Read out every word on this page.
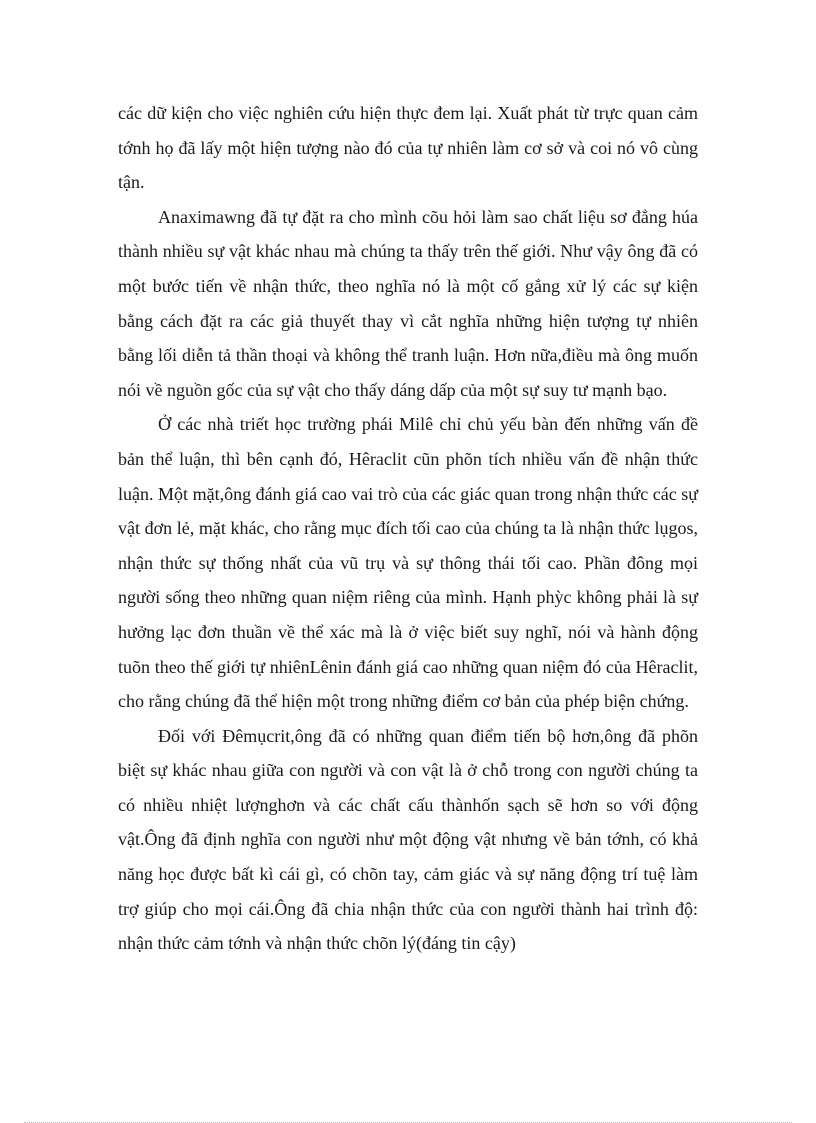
các dữ kiện cho việc nghiên cứu hiện thực đem lại. Xuất phát từ trực quan cảm tớnh họ đã lấy một hiện tượng nào đó của tự nhiên làm cơ sở và coi nó vô cùng tận.

Anaximawng đã tự đặt ra cho mình cõu hỏi làm sao chất liệu sơ đẳng húa thành nhiều sự vật khác nhau mà chúng ta thấy trên thế giới. Như vậy ông đã có một bước tiến về nhận thức, theo nghĩa nó là một cố gắng xử lý các sự kiện bằng cách đặt ra các giả thuyết thay vì cắt nghĩa những hiện tượng tự nhiên bằng lối diễn tả thần thoại và không thể tranh luận. Hơn nữa,điều mà ông muốn nói về nguồn gốc của sự vật cho thấy dáng dấp của một sự suy tư mạnh bạo.

Ở các nhà triết học trường phái Milê chỉ chủ yếu bàn đến những vấn đề bản thể luận, thì bên cạnh đó, Hêraclit cũn phõn tích nhiều vấn đề nhận thức luận. Một mặt,ông đánh giá cao vai trò của các giác quan trong nhận thức các sự vật đơn lẻ, mặt khác, cho rằng mục đích tối cao của chúng ta là nhận thức lụgos, nhận thức sự thống nhất của vũ trụ và sự thông thái tối cao. Phần đông mọi người sống theo những quan niệm riêng của mình. Hạnh phỳc không phải là sự hưởng lạc đơn thuần về thể xác mà là ở việc biết suy nghĩ, nói và hành động tuõn theo thế giới tự nhiênLênin đánh giá cao những quan niệm đó của Hêraclit, cho rằng chúng đã thể hiện một trong những điểm cơ bản của phép biện chứng.

Đối với Đêmụcrit,ông đã có những quan điểm tiến bộ hơn,ông đã phõn biệt sự khác nhau giữa con người và con vật là ở chỗ trong con người chúng ta có nhiều nhiệt lượnghơn và các chất cấu thànhốn sạch sẽ hơn so với động vật.Ông đã định nghĩa con người như một động vật nhưng về bản tớnh, có khả năng học được bất kì cái gì, có chõn tay, cảm giác và sự năng động trí tuệ làm trợ giúp cho mọi cái.Ông đã chia nhận thức của con người thành hai trình độ: nhận thức cảm tớnh và nhận thức chõn lý(đáng tin cậy)
